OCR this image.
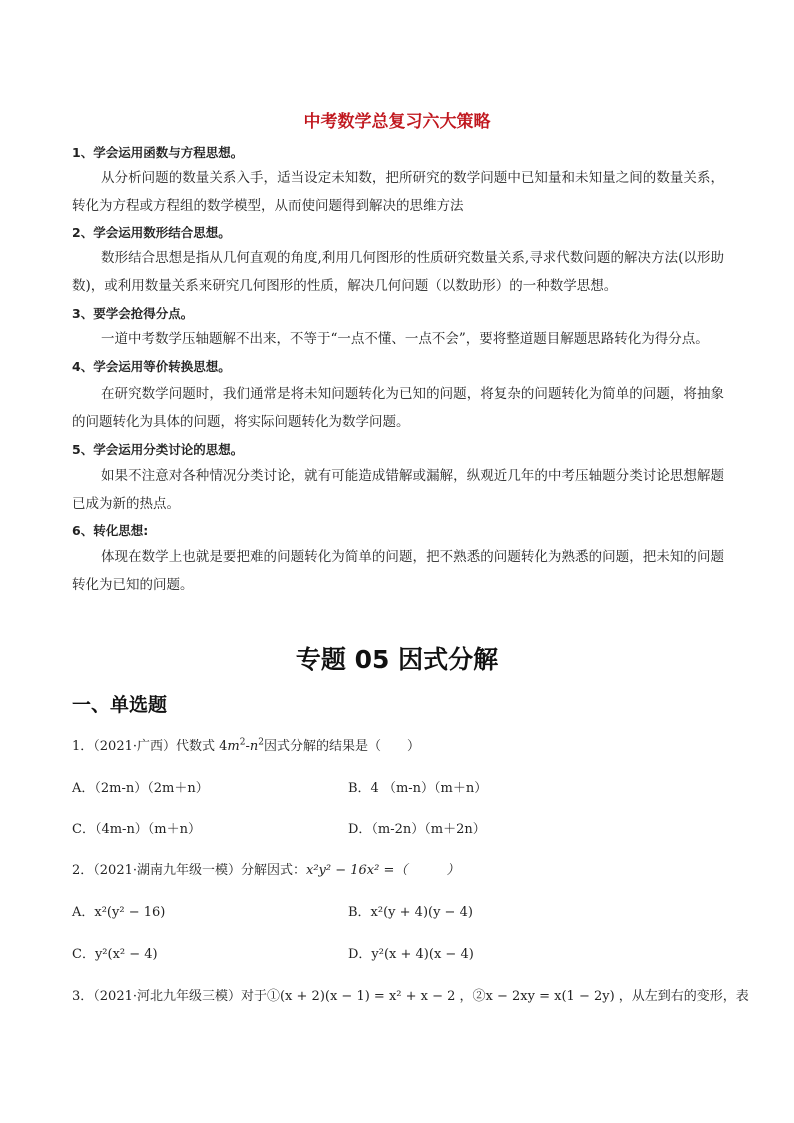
中考数学总复习六大策略
1、学会运用函数与方程思想。
从分析问题的数量关系入手，适当设定未知数，把所研究的数学问题中已知量和未知量之间的数量关系，转化为方程或方程组的数学模型，从而使问题得到解决的思维方法
2、学会运用数形结合思想。
数形结合思想是指从几何直观的角度,利用几何图形的性质研究数量关系,寻求代数问题的解决方法(以形助数)，或利用数量关系来研究几何图形的性质，解决几何问题（以数助形）的一种数学思想。
3、要学会抢得分点。
一道中考数学压轴题解不出来，不等于“一点不懂、一点不会”，要将整道题目解题思路转化为得分点。
4、学会运用等价转换思想。
在研究数学问题时，我们通常是将未知问题转化为已知的问题，将复杂的问题转化为简单的问题，将抽象的问题转化为具体的问题，将实际问题转化为数学问题。
5、学会运用分类讨论的思想。
如果不注意对各种情况分类讨论，就有可能造成错解或漏解，纵观近几年的中考压轴题分类讨论思想解题已成为新的热点。
6、转化思想:
体现在数学上也就是要把难的问题转化为简单的问题，把不熟悉的问题转化为熟悉的问题，把未知的问题转化为已知的问题。
专题 05 因式分解
一、单选题
1．（2021·广西）代数式 $4m^2-n^2$因式分解的结果是（　　）
A．（2m-n）（2m＋n）	B．4 （m-n）（m＋n）
C．（4m-n）（m＋n）	D．（m-2n）（m＋2n）
2．（2021·湖南九年级一模）分解因式：x²y² − 16x² =（　　　）
A．x²(y² − 16)	B．x²(y + 4)(y − 4)
C．y²(x² − 4)	D．y²(x + 4)(x − 4)
3．（2021·河北九年级三模）对于①(x + 2)(x − 1) = x² + x − 2 ，②x − 2xy = x(1 − 2y) ，从左到右的变形，表
